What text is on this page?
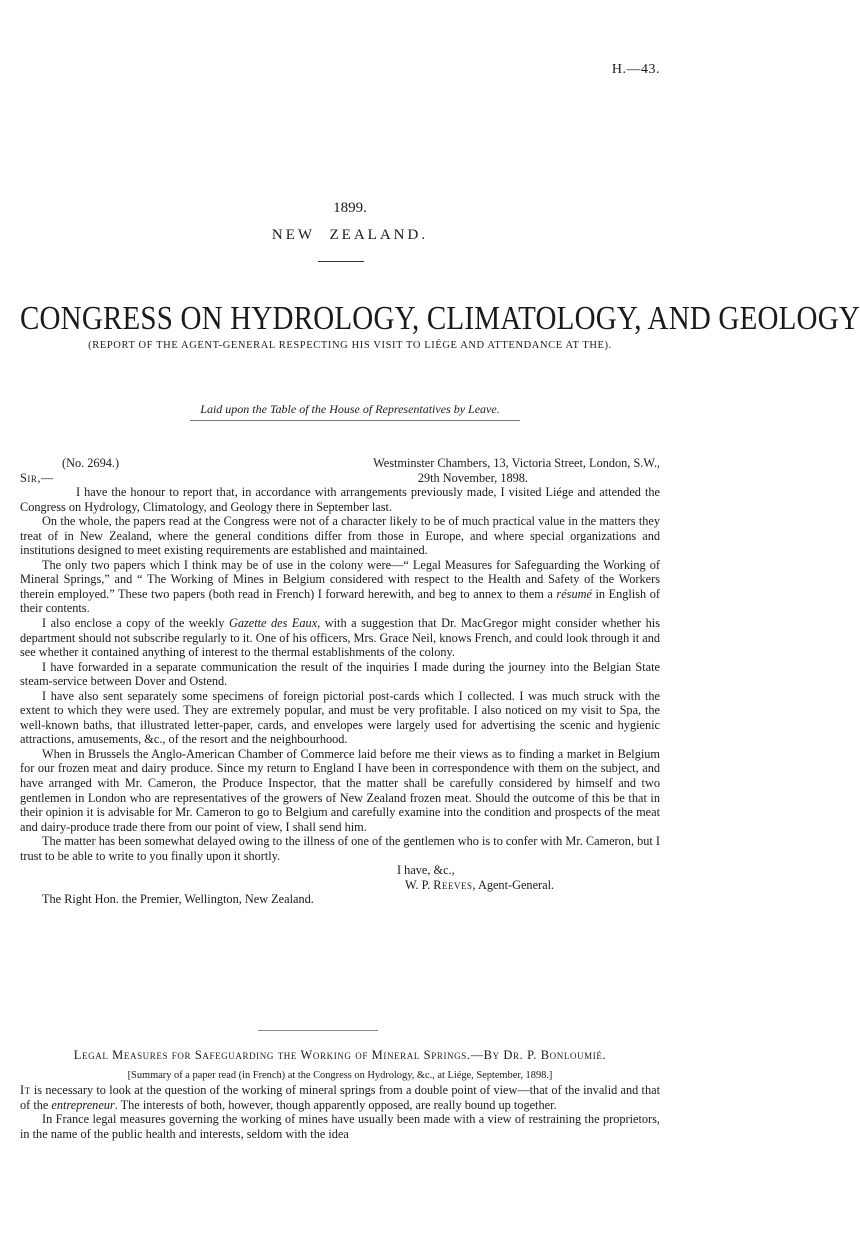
H.—43.
1899.
NEW ZEALAND.
CONGRESS ON HYDROLOGY, CLIMATOLOGY, AND GEOLOGY
(REPORT OF THE AGENT-GENERAL RESPECTING HIS VISIT TO LIÉGE AND ATTENDANCE AT THE).
Laid upon the Table of the House of Representatives by Leave.
(No. 2694.)	Westminster Chambers, 13, Victoria Street, London, S.W.,
Sir,—	29th November, 1898.

I have the honour to report that, in accordance with arrangements previously made, I visited Liége and attended the Congress on Hydrology, Climatology, and Geology there in September last.

On the whole, the papers read at the Congress were not of a character likely to be of much practical value in the matters they treat of in New Zealand, where the general conditions differ from those in Europe, and where special organizations and institutions designed to meet existing requirements are established and maintained.

The only two papers which I think may be of use in the colony were—“ Legal Measures for Safeguarding the Working of Mineral Springs,” and “ The Working of Mines in Belgium considered with respect to the Health and Safety of the Workers therein employed.” These two papers (both read in French) I forward herewith, and beg to annex to them a résumé in English of their contents.

I also enclose a copy of the weekly Gazette des Eaux, with a suggestion that Dr. MacGregor might consider whether his department should not subscribe regularly to it. One of his officers, Mrs. Grace Neil, knows French, and could look through it and see whether it contained anything of interest to the thermal establishments of the colony.

I have forwarded in a separate communication the result of the inquiries I made during the journey into the Belgian State steam-service between Dover and Ostend.

I have also sent separately some specimens of foreign pictorial post-cards which I collected. I was much struck with the extent to which they were used. They are extremely popular, and must be very profitable. I also noticed on my visit to Spa, the well-known baths, that illustrated letter-paper, cards, and envelopes were largely used for advertising the scenic and hygienic attractions, amusements, &c., of the resort and the neighbourhood.

When in Brussels the Anglo-American Chamber of Commerce laid before me their views as to finding a market in Belgium for our frozen meat and dairy produce. Since my return to England I have been in correspondence with them on the subject, and have arranged with Mr. Cameron, the Produce Inspector, that the matter shall be carefully considered by himself and two gentlemen in London who are representatives of the growers of New Zealand frozen meat. Should the outcome of this be that in their opinion it is advisable for Mr. Cameron to go to Belgium and carefully examine into the condition and prospects of the meat and dairy-produce trade there from our point of view, I shall send him.

The matter has been somewhat delayed owing to the illness of one of the gentlemen who is to confer with Mr. Cameron, but I trust to be able to write to you finally upon it shortly.

I have, &c.,

W. P. Reeves, Agent-General.

The Right Hon. the Premier, Wellington, New Zealand.

Legal Measures for Safeguarding the Working of Mineral Springs.—By Dr. P. Bonloumié.
[Summary of a paper read (in French) at the Congress on Hydrology, &c., at Liége, September, 1898.]

It is necessary to look at the question of the working of mineral springs from a double point of view—that of the invalid and that of the entrepreneur. The interests of both, however, though apparently opposed, are really bound up together.

In France legal measures governing the working of mines have usually been made with a view of restraining the proprietors, in the name of the public health and interests, seldom with the idea
